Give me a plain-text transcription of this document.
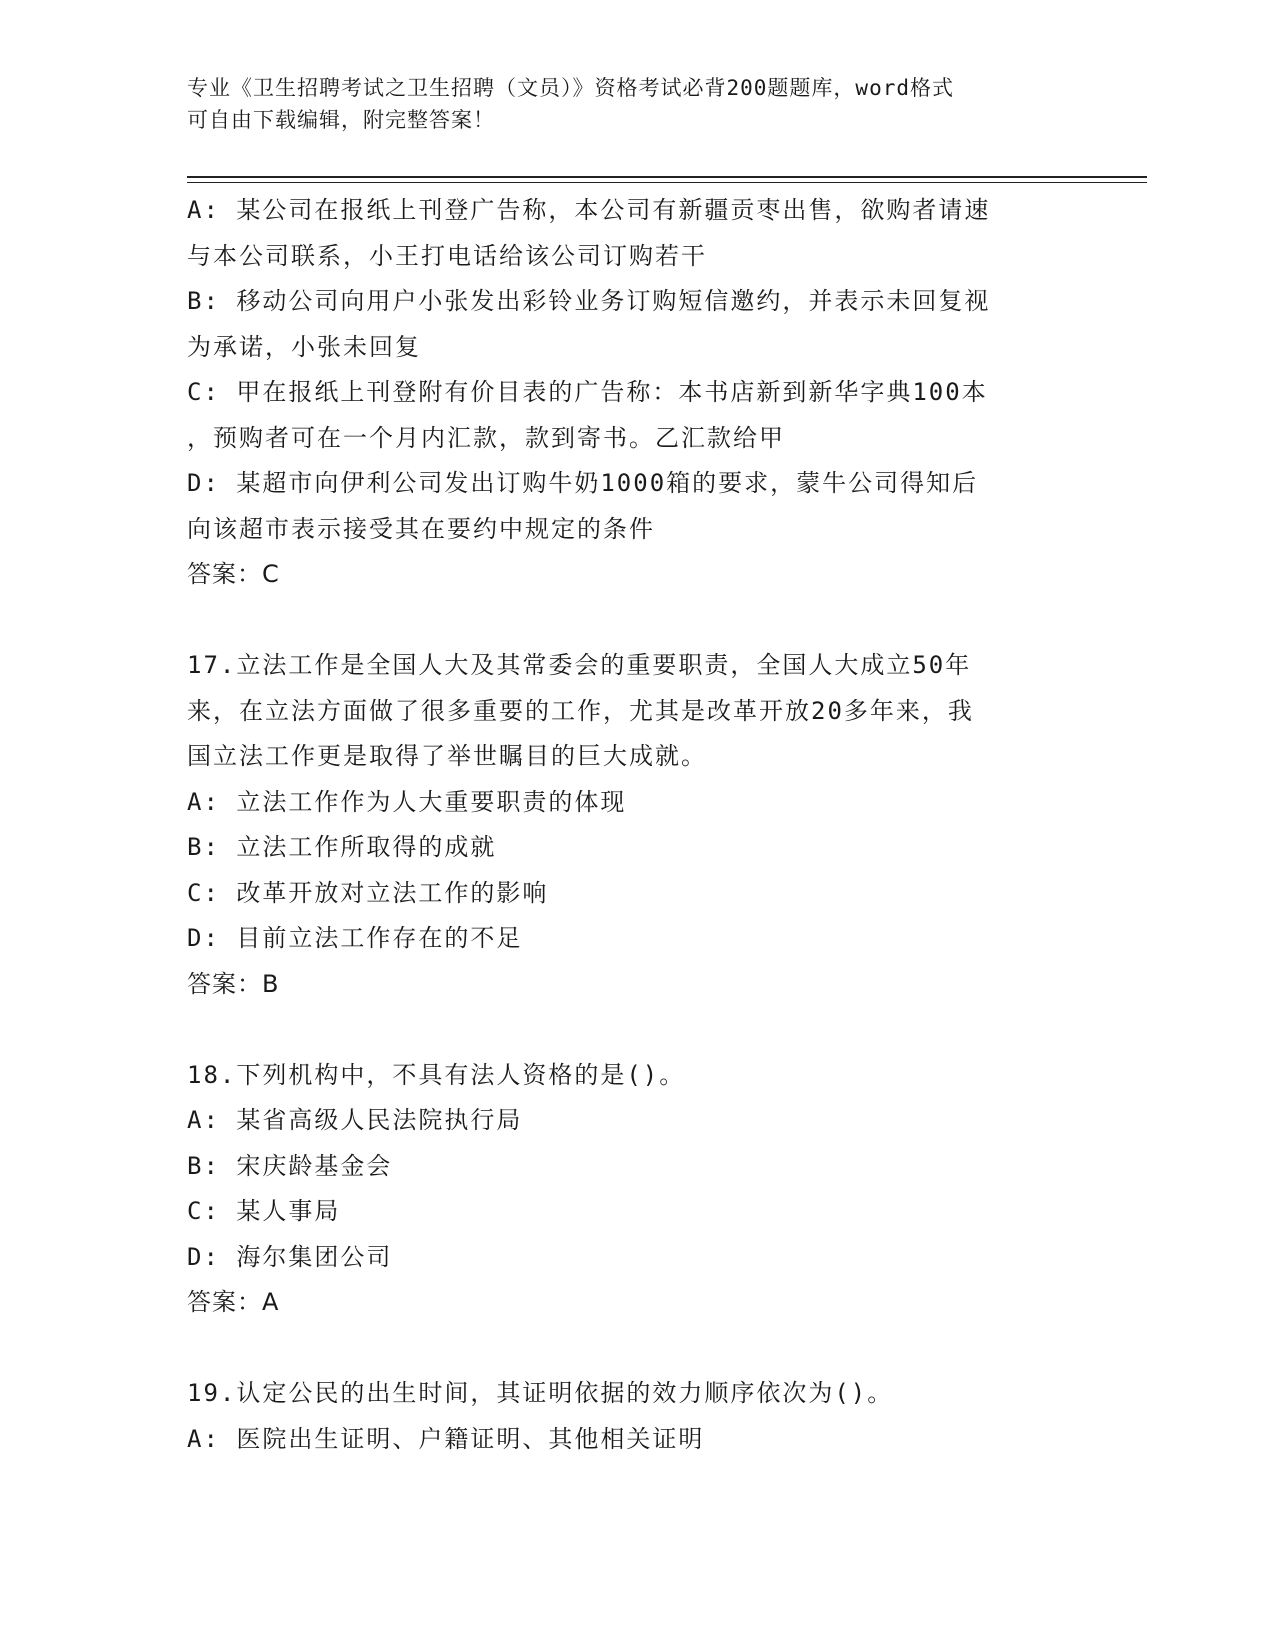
专业《卫生招聘考试之卫生招聘（文员）》资格考试必背200题题库，word格式
可自由下载编辑，附完整答案！
A: 某公司在报纸上刊登广告称，本公司有新疆贡枣出售，欲购者请速
与本公司联系，小王打电话给该公司订购若干
B: 移动公司向用户小张发出彩铃业务订购短信邀约，并表示未回复视
为承诺，小张未回复
C: 甲在报纸上刊登附有价目表的广告称：本书店新到新华字典100本
，预购者可在一个月内汇款，款到寄书。乙汇款给甲
D: 某超市向伊利公司发出订购牛奶1000箱的要求，蒙牛公司得知后
向该超市表示接受其在要约中规定的条件
答案：C
17.立法工作是全国人大及其常委会的重要职责，全国人大成立50年
来，在立法方面做了很多重要的工作，尤其是改革开放20多年来，我
国立法工作更是取得了举世瞩目的巨大成就。
A: 立法工作作为人大重要职责的体现
B: 立法工作所取得的成就
C: 改革开放对立法工作的影响
D: 目前立法工作存在的不足
答案：B
18.下列机构中，不具有法人资格的是()。
A: 某省高级人民法院执行局
B: 宋庆龄基金会
C: 某人事局
D: 海尔集团公司
答案：A
19.认定公民的出生时间，其证明依据的效力顺序依次为()。
A: 医院出生证明、户籍证明、其他相关证明
